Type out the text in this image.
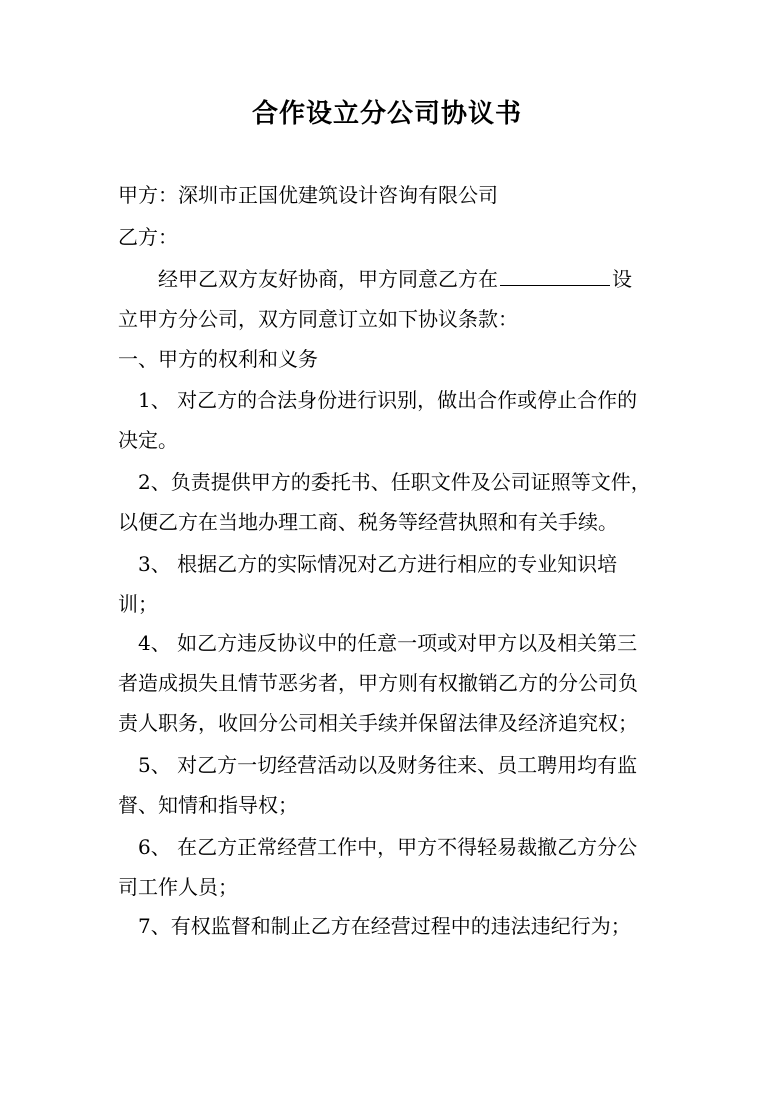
合作设立分公司协议书

甲方：深圳市正国优建筑设计咨询有限公司

乙方：

经甲乙双方友好协商，甲方同意乙方在	设

立甲方分公司，双方同意订立如下协议条款：

一、甲方的权利和义务

1、 对乙方的合法身份进行识别，做出合作或停止合作的

决定。

2、负责提供甲方的委托书、任职文件及公司证照等文件，

以便乙方在当地办理工商、税务等经营执照和有关手续。

3、 根据乙方的实际情况对乙方进行相应的专业知识培

训；

4、 如乙方违反协议中的任意一项或对甲方以及相关第三

者造成损失且情节恶劣者，甲方则有权撤销乙方的分公司负

责人职务，收回分公司相关手续并保留法律及经济追究权；

5、 对乙方一切经营活动以及财务往来、员工聘用均有监

督、知情和指导权；

6、 在乙方正常经营工作中，甲方不得轻易裁撤乙方分公

司工作人员；

7、有权监督和制止乙方在经营过程中的违法违纪行为；
